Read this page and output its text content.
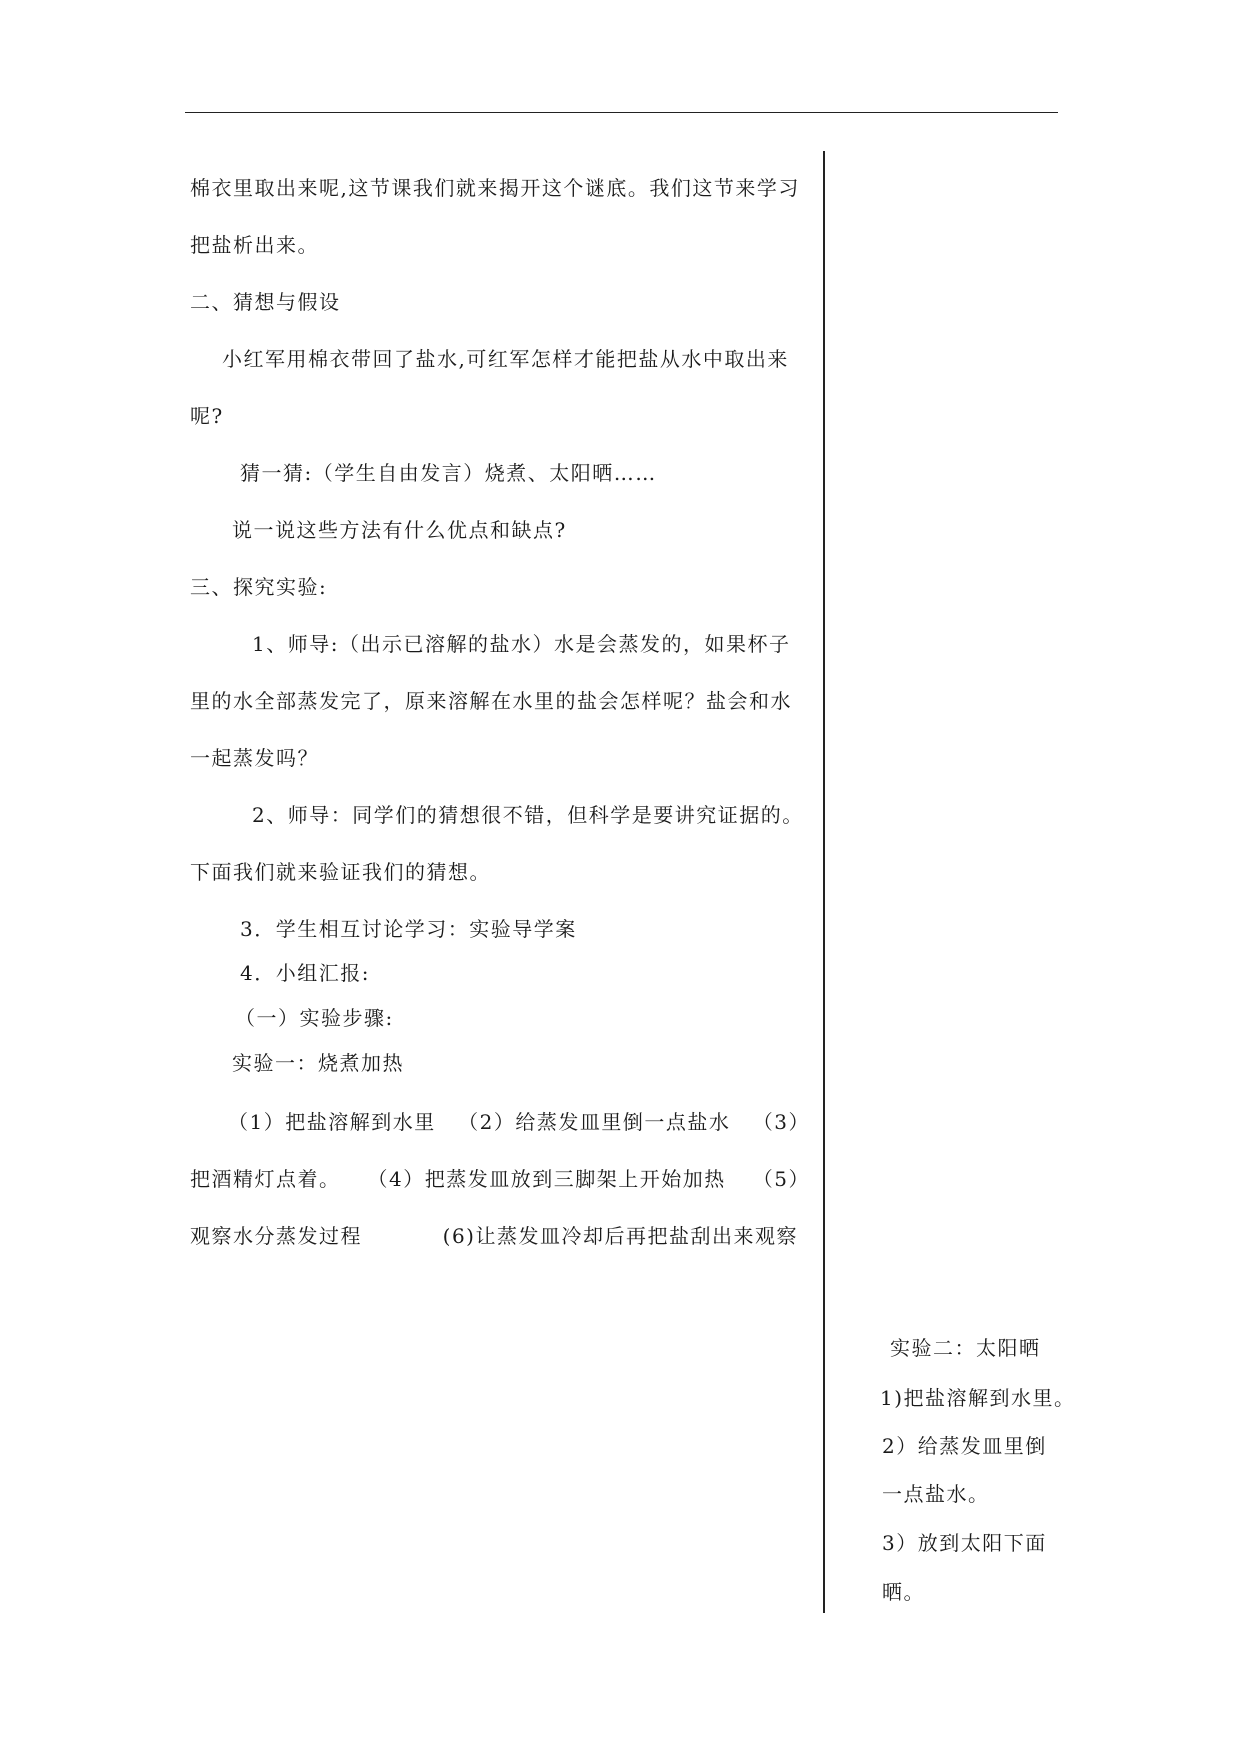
棉衣里取出来呢,这节课我们就来揭开这个谜底。我们这节来学习
把盐析出来。
二、猜想与假设
小红军用棉衣带回了盐水,可红军怎样才能把盐从水中取出来
呢?
猜一猜:（学生自由发言）烧煮、太阳晒……
说一说这些方法有什么优点和缺点?
三、探究实验:
1、师导:（出示已溶解的盐水）水是会蒸发的，如果杯子
里的水全部蒸发完了，原来溶解在水里的盐会怎样呢？盐会和水
一起蒸发吗？
2、师导：同学们的猜想很不错，但科学是要讲究证据的。
下面我们就来验证我们的猜想。
3．学生相互讨论学习：实验导学案
4．小组汇报:
（一）实验步骤:
实验一：烧煮加热
（1）把盐溶解到水里 （2）给蒸发皿里倒一点盐水 （3）
把酒精灯点着。 （4）把蒸发皿放到三脚架上开始加热 （5）
观察水分蒸发过程	(6)让蒸发皿冷却后再把盐刮出来观察
实验二：太阳晒
1)把盐溶解到水里。
2）给蒸发皿里倒
一点盐水。
3）放到太阳下面
晒。
